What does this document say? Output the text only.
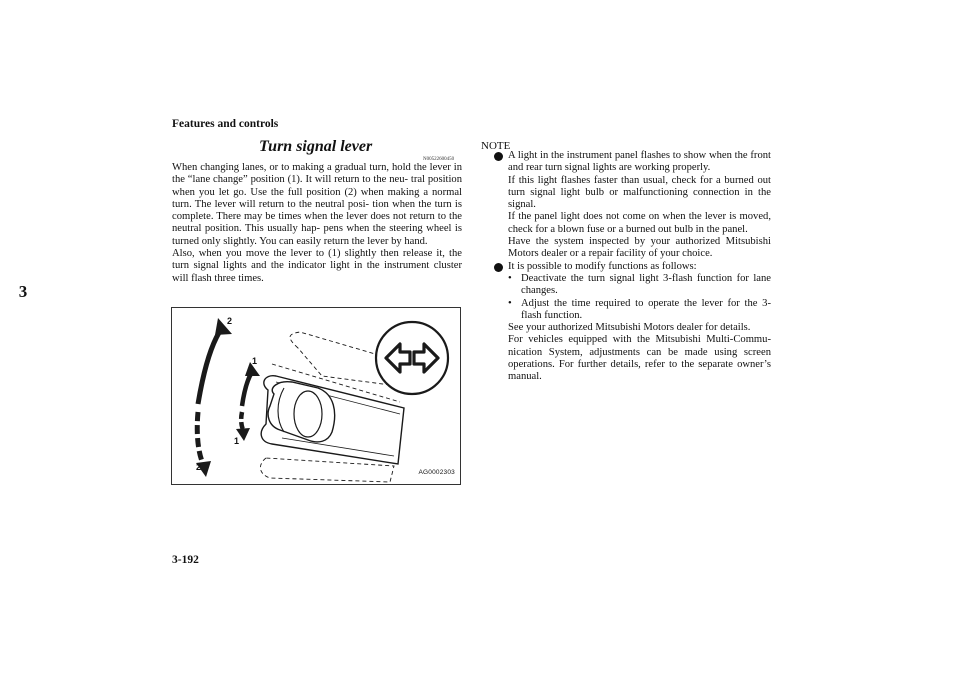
Features and controls
3
3-192
Turn signal lever
N00522600450

When changing lanes, or to making a gradual turn, hold the lever in the “lane change” position (1). It will return to the neu- tral position when you let go. Use the full position (2) when making a normal turn. The lever will return to the neutral posi- tion when the turn is complete. There may be times when the lever does not return to the neutral position. This usually hap- pens when the steering wheel is turned only slightly. You can easily return the lever by hand.

Also, when you move the lever to (1) slightly then release it, the turn signal lights and the indicator light in the instrument cluster will flash three times.

2
1
1
2
AG0002303
NOTE

A light in the instrument panel flashes to show when the front and rear turn signal lights are working properly.

If this light flashes faster than usual, check for a burned out turn signal light bulb or malfunctioning connection in the signal.

If the panel light does not come on when the lever is moved, check for a blown fuse or a burned out bulb in the panel.

Have the system inspected by your authorized Mitsubishi Motors dealer or a repair facility of your choice.

It is possible to modify functions as follows:

• Deactivate the turn signal light 3-flash function for lane changes.

• Adjust the time required to operate the lever for the 3- flash function.

See your authorized Mitsubishi Motors dealer for details.

For vehicles equipped with the Mitsubishi Multi-Commu- nication System, adjustments can be made using screen operations. For further details, refer to the separate owner’s manual.
